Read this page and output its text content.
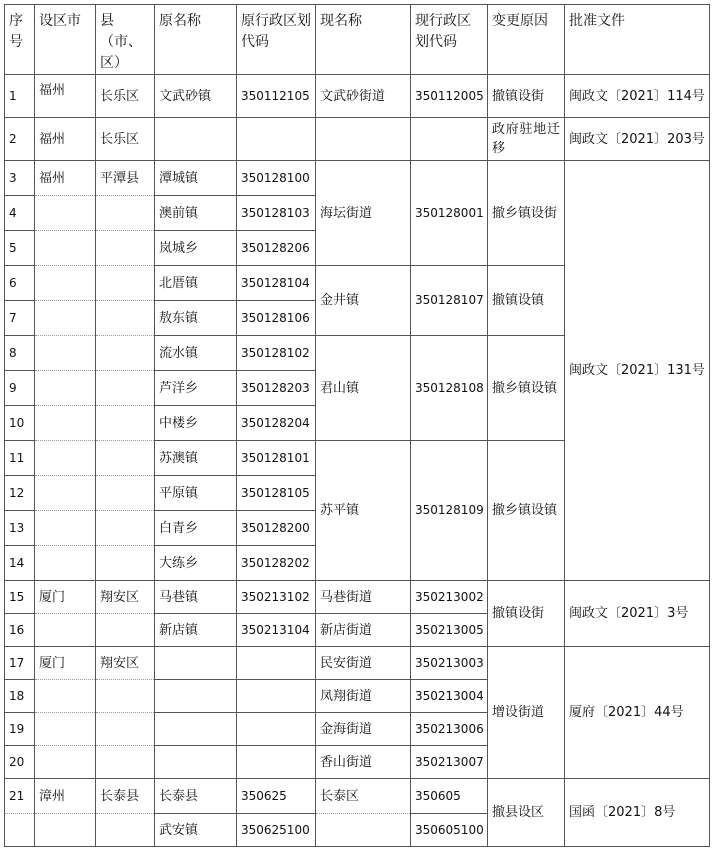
序号	设区市	县（市、区）	原名称	原行政区划代码	现名称	现行政区划代码	变更原因	批准文件
1	福州	长乐区	文武砂镇	350112105	文武砂街道	350112005	撤镇设街	闽政文〔2021〕114号
2	福州	长乐区					政府驻地迁移	闽政文〔2021〕203号
3	福州	平潭县	潭城镇	350128100	海坛街道	350128001	撤乡镇设街	闽政文〔2021〕131号
4			澳前镇	350128103				
5			岚城乡	350128206				
6			北厝镇	350128104	金井镇	350128107	撤镇设镇	
7			敖东镇	350128106				
8			流水镇	350128102	君山镇	350128108	撤乡镇设镇	
9			芦洋乡	350128203				
10			中楼乡	350128204				
11			苏澳镇	350128101	苏平镇	350128109	撤乡镇设镇	
12			平原镇	350128105				
13			白青乡	350128200				
14			大练乡	350128202				
15	厦门	翔安区	马巷镇	350213102	马巷街道	350213002	撤镇设街	闽政文〔2021〕3号
16			新店镇	350213104	新店街道	350213005		
17	厦门	翔安区			民安街道	350213003	增设街道	厦府〔2021〕44号
18					凤翔街道	350213004		
19					金海街道	350213006		
20					香山街道	350213007		
21	漳州	长泰县	长泰县	350625	长泰区	350605	撤县设区	国函〔2021〕8号
			武安镇	350625100		350605100		
